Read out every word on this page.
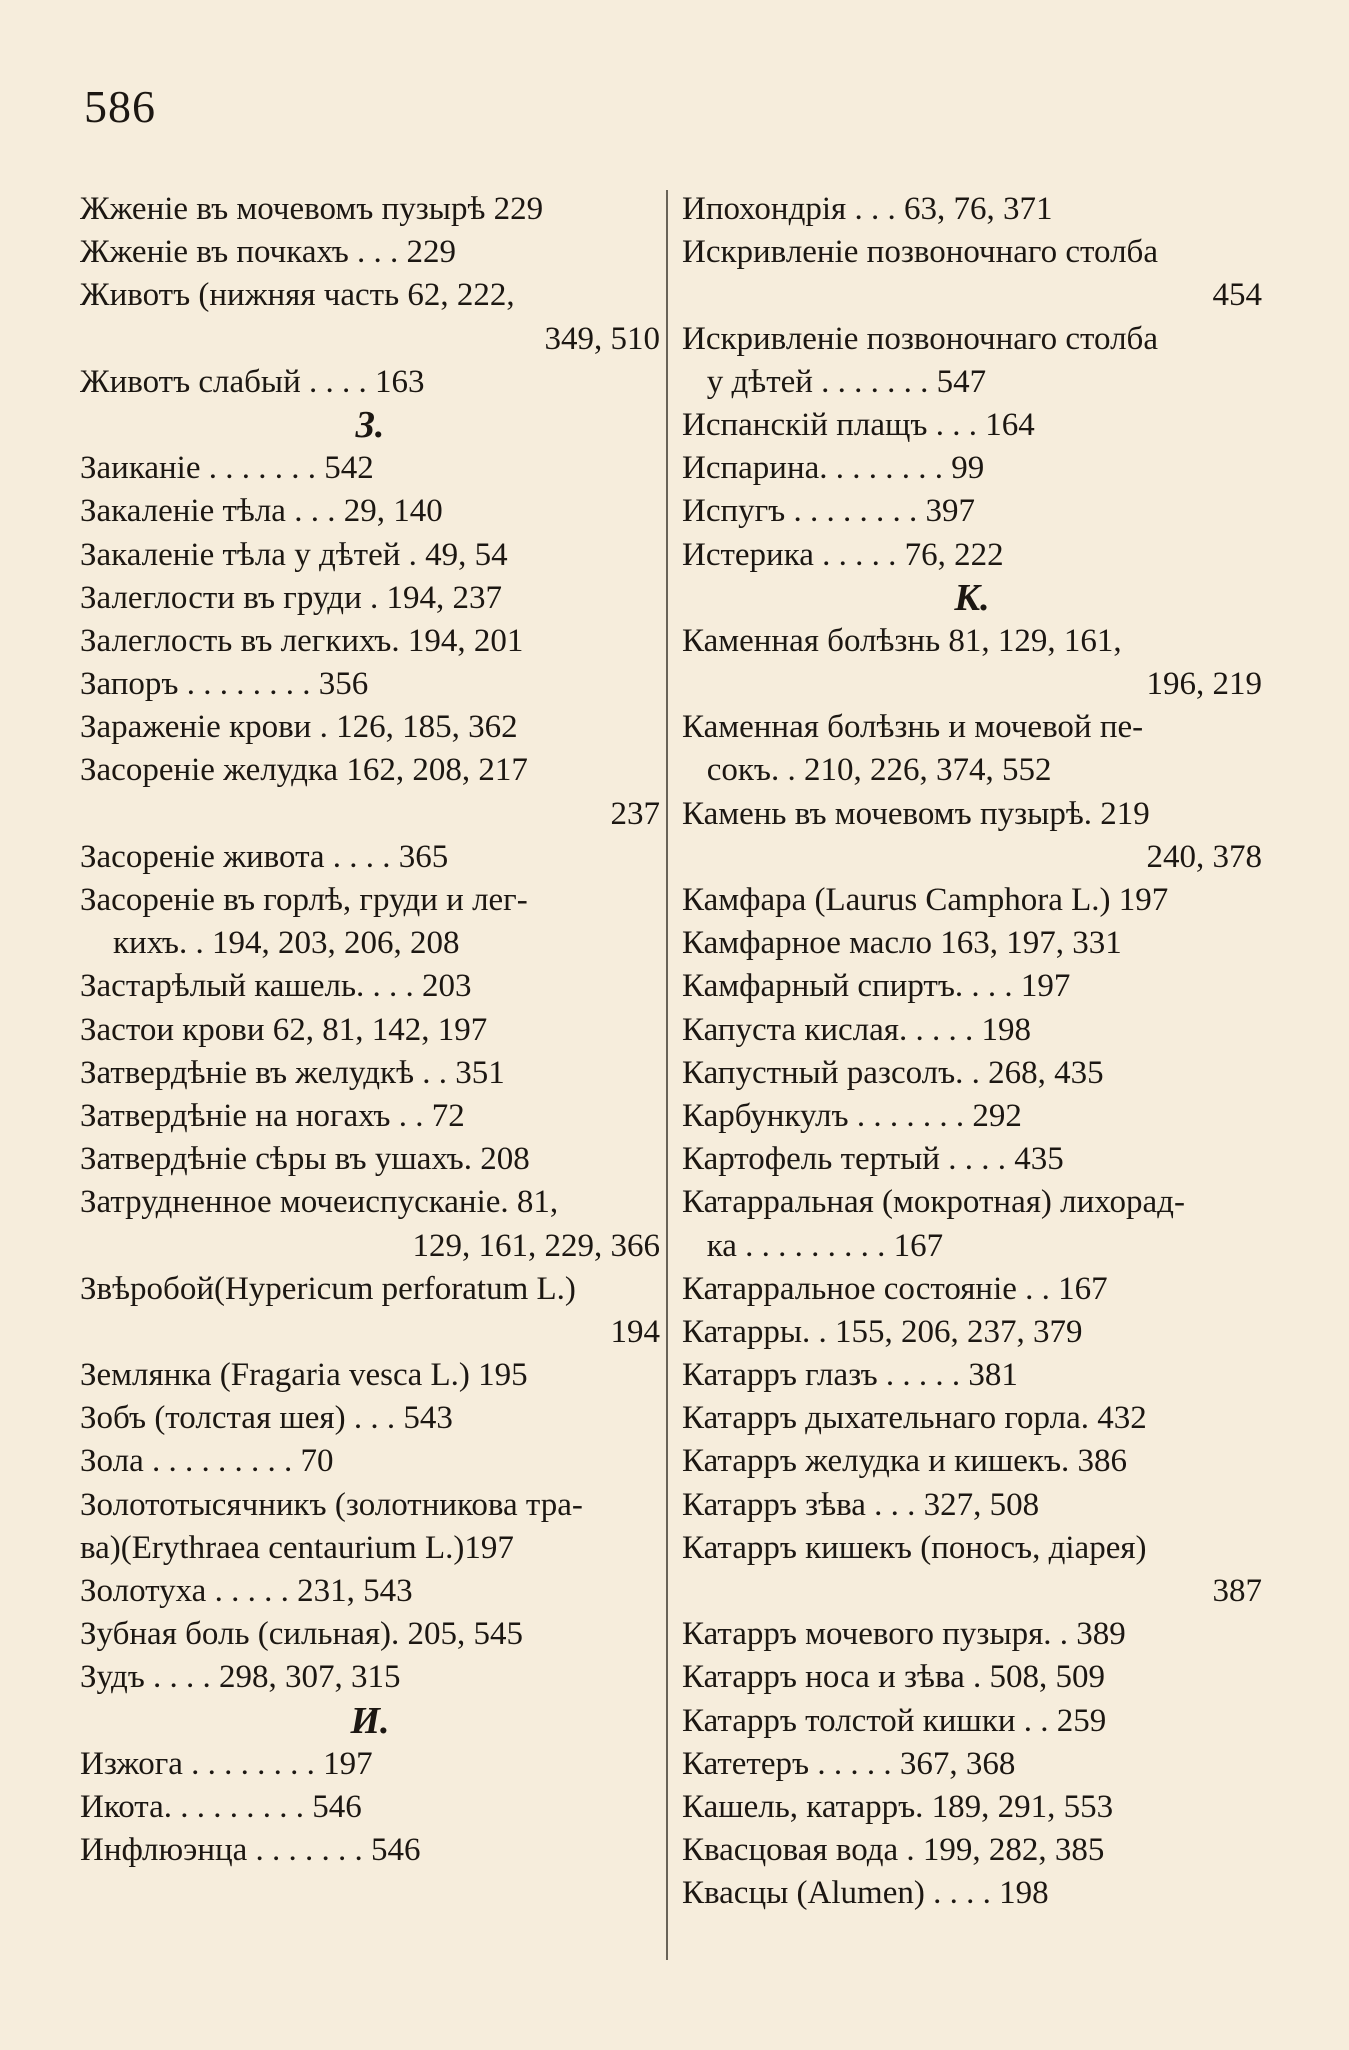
586
Жженіе въ мочевомъ пузырѣ 229
Жженіе въ почкахъ . . . 229
Животъ (нижняя часть 62, 222,
349, 510
Животъ слабый . . . . 163
З.
Заиканіе . . . . . . . 542
Закаленіе тѣла . . . 29, 140
Закаленіе тѣла у дѣтей . 49, 54
Залеглости въ груди . 194, 237
Залеглость въ легкихъ. 194, 201
Запоръ . . . . . . . . 356
Зараженіе крови . 126, 185, 362
Засореніе желудка 162, 208, 217
237
Засореніе живота . . . . 365
Засореніе въ горлѣ, груди и лег-
кихъ. . 194, 203, 206, 208
Застарѣлый кашель. . . . 203
Застои крови 62, 81, 142, 197
Затвердѣніе въ желудкѣ . . 351
Затвердѣніе на ногахъ . . 72
Затвердѣніе сѣры въ ушахъ. 208
Затрудненное мочеиспусканіе. 81,
129, 161, 229, 366
Звѣробой(Hypericum perforatum L.)
194
Землянка (Fragaria vesca L.) 195
Зобъ (толстая шея) . . . 543
Зола . . . . . . . . . 70
Золототысячникъ (золотникова тра-
ва)(Erythraea centaurium L.)197
Золотуха . . . . . 231, 543
Зубная боль (сильная). 205, 545
Зудъ . . . . 298, 307, 315
И.
Изжога . . . . . . . . 197
Икота. . . . . . . . . 546
Инфлюэнца . . . . . . . 546
Ипохондрія . . . 63, 76, 371
Искривленіе позвоночнаго столба
454
Искривленіе позвоночнаго столба
у дѣтей . . . . . . . 547
Испанскій плащъ . . . 164
Испарина. . . . . . . . 99
Испугъ . . . . . . . . 397
Истерика . . . . . 76, 222
К.
Каменная болѣзнь 81, 129, 161,
196, 219
Каменная болѣзнь и мочевой пе-
сокъ. . 210, 226, 374, 552
Камень въ мочевомъ пузырѣ. 219
240, 378
Камфара (Laurus Camphora L.) 197
Камфарное масло 163, 197, 331
Камфарный спиртъ. . . . 197
Капуста кислая. . . . . 198
Капустный разсолъ. . 268, 435
Карбункулъ . . . . . . . 292
Картофель тертый . . . . 435
Катарральная (мокротная) лихорад-
ка . . . . . . . . . 167
Катарральное состояніе . . 167
Катарры. . 155, 206, 237, 379
Катарръ глазъ . . . . . 381
Катарръ дыхательнаго горла. 432
Катарръ желудка и кишекъ. 386
Катарръ зѣва . . . 327, 508
Катарръ кишекъ (поносъ, діарея)
387
Катарръ мочевого пузыря. . 389
Катарръ носа и зѣва . 508, 509
Катарръ толстой кишки . . 259
Катетеръ . . . . . 367, 368
Кашель, катарръ. 189, 291, 553
Квасцовая вода . 199, 282, 385
Квасцы (Alumen) . . . . 198
